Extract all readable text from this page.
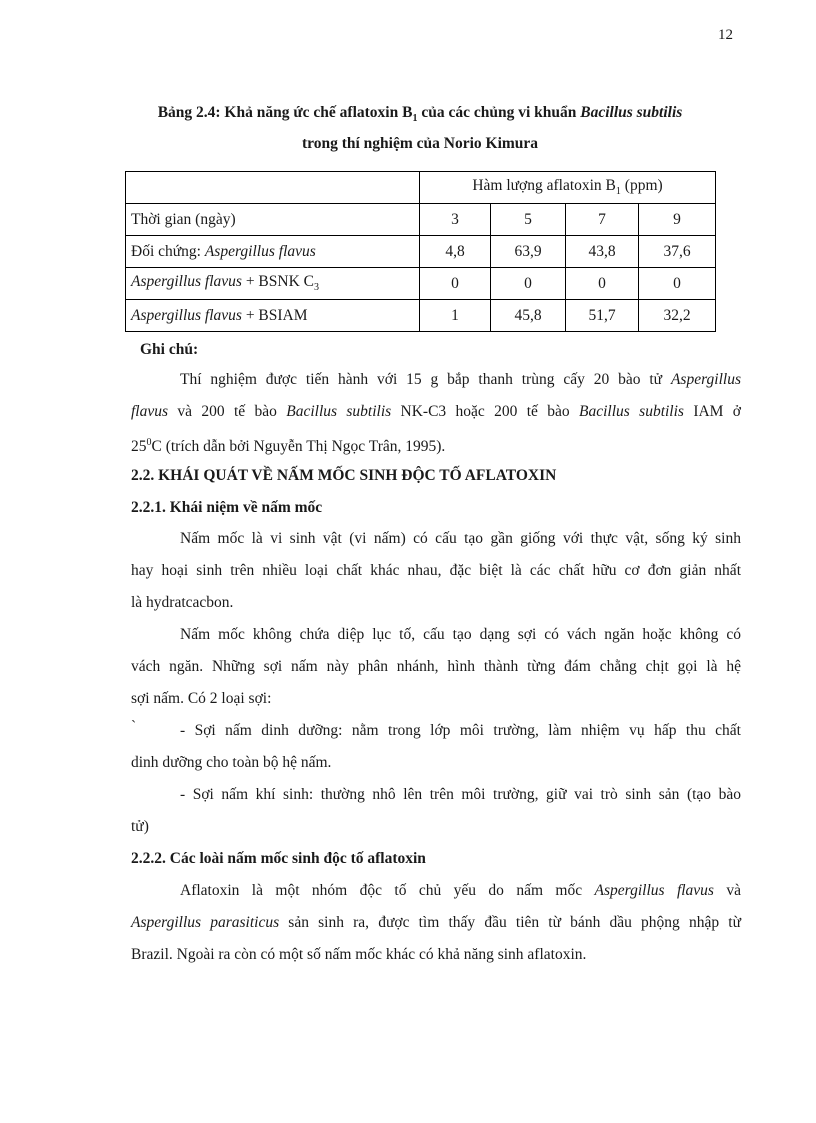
12
Bảng 2.4: Khả năng ức chế aflatoxin $B_1$ của các chủng vi khuẩn Bacillus subtilis
trong thí nghiệm của Norio Kimura
	Hàm lượng aflatoxin $B_1$ (ppm)			
Thời gian (ngày)	3	5	7	9
Đối chứng: Aspergillus flavus	4,8	63,9	43,8	37,6
Aspergillus flavus + BSNK $C_3$	0	0	0	0
Aspergillus flavus + BSIAM	1	45,8	51,7	32,2
Ghi chú:
Thí nghiệm được tiến hành với 15 g bắp thanh trùng cấy 20 bào tử Aspergillus
flavus và 200 tế bào Bacillus subtilis NK-C3 hoặc 200 tế bào Bacillus subtilis IAM ở
$25^0C$ (trích dẫn bởi Nguyễn Thị Ngọc Trân, 1995).
2.2. KHÁI QUÁT VỀ NẤM MỐC SINH ĐỘC TỐ AFLATOXIN
2.2.1. Khái niệm về nấm mốc
Nấm mốc là vi sinh vật (vi nấm) có cấu tạo gần giống với thực vật, sống ký sinh
hay hoại sinh trên nhiều loại chất khác nhau, đặc biệt là các chất hữu cơ đơn giản nhất
là hydratcacbon.
Nấm mốc không chứa diệp lục tố, cấu tạo dạng sợi có vách ngăn hoặc không có
vách ngăn. Những sợi nấm này phân nhánh, hình thành từng đám chằng chịt gọi là hệ
sợi nấm. Có 2 loại sợi:
`	- Sợi nấm dinh dưỡng: nằm trong lớp môi trường, làm nhiệm vụ hấp thu chất
dinh dưỡng cho toàn bộ hệ nấm.
- Sợi nấm khí sinh: thường nhô lên trên môi trường, giữ vai trò sinh sản (tạo bào
tử)
2.2.2. Các loài nấm mốc sinh độc tố aflatoxin
Aflatoxin là một nhóm độc tố chủ yếu do nấm mốc Aspergillus flavus và
Aspergillus parasiticus sản sinh ra, được tìm thấy đầu tiên từ bánh dầu phộng nhập từ
Brazil. Ngoài ra còn có một số nấm mốc khác có khả năng sinh aflatoxin.
